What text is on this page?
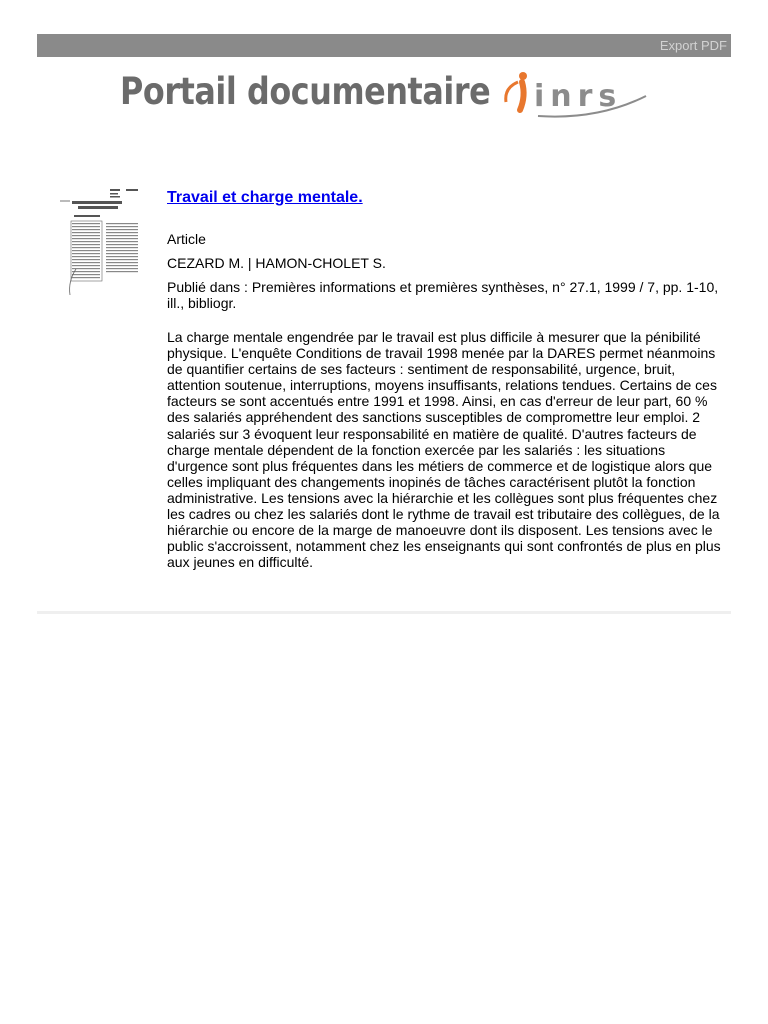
Export PDF
Portail documentaire inrs
Travail et charge mentale.

Article

CEZARD M. | HAMON-CHOLET S.

Publié dans : Premières informations et premières synthèses, n° 27.1, 1999 / 7, pp. 1-10, ill., bibliogr.

La charge mentale engendrée par le travail est plus difficile à mesurer que la pénibilité physique. L'enquête Conditions de travail 1998 menée par la DARES permet néanmoins de quantifier certains de ses facteurs : sentiment de responsabilité, urgence, bruit, attention soutenue, interruptions, moyens insuffisants, relations tendues. Certains de ces facteurs se sont accentués entre 1991 et 1998. Ainsi, en cas d'erreur de leur part, 60 % des salariés appréhendent des sanctions susceptibles de compromettre leur emploi. 2 salariés sur 3 évoquent leur responsabilité en matière de qualité. D'autres facteurs de charge mentale dépendent de la fonction exercée par les salariés : les situations d'urgence sont plus fréquentes dans les métiers de commerce et de logistique alors que celles impliquant des changements inopinés de tâches caractérisent plutôt la fonction administrative. Les tensions avec la hiérarchie et les collègues sont plus fréquentes chez les cadres ou chez les salariés dont le rythme de travail est tributaire des collègues, de la hiérarchie ou encore de la marge de manoeuvre dont ils disposent. Les tensions avec le public s'accroissent, notamment chez les enseignants qui sont confrontés de plus en plus aux jeunes en difficulté.
